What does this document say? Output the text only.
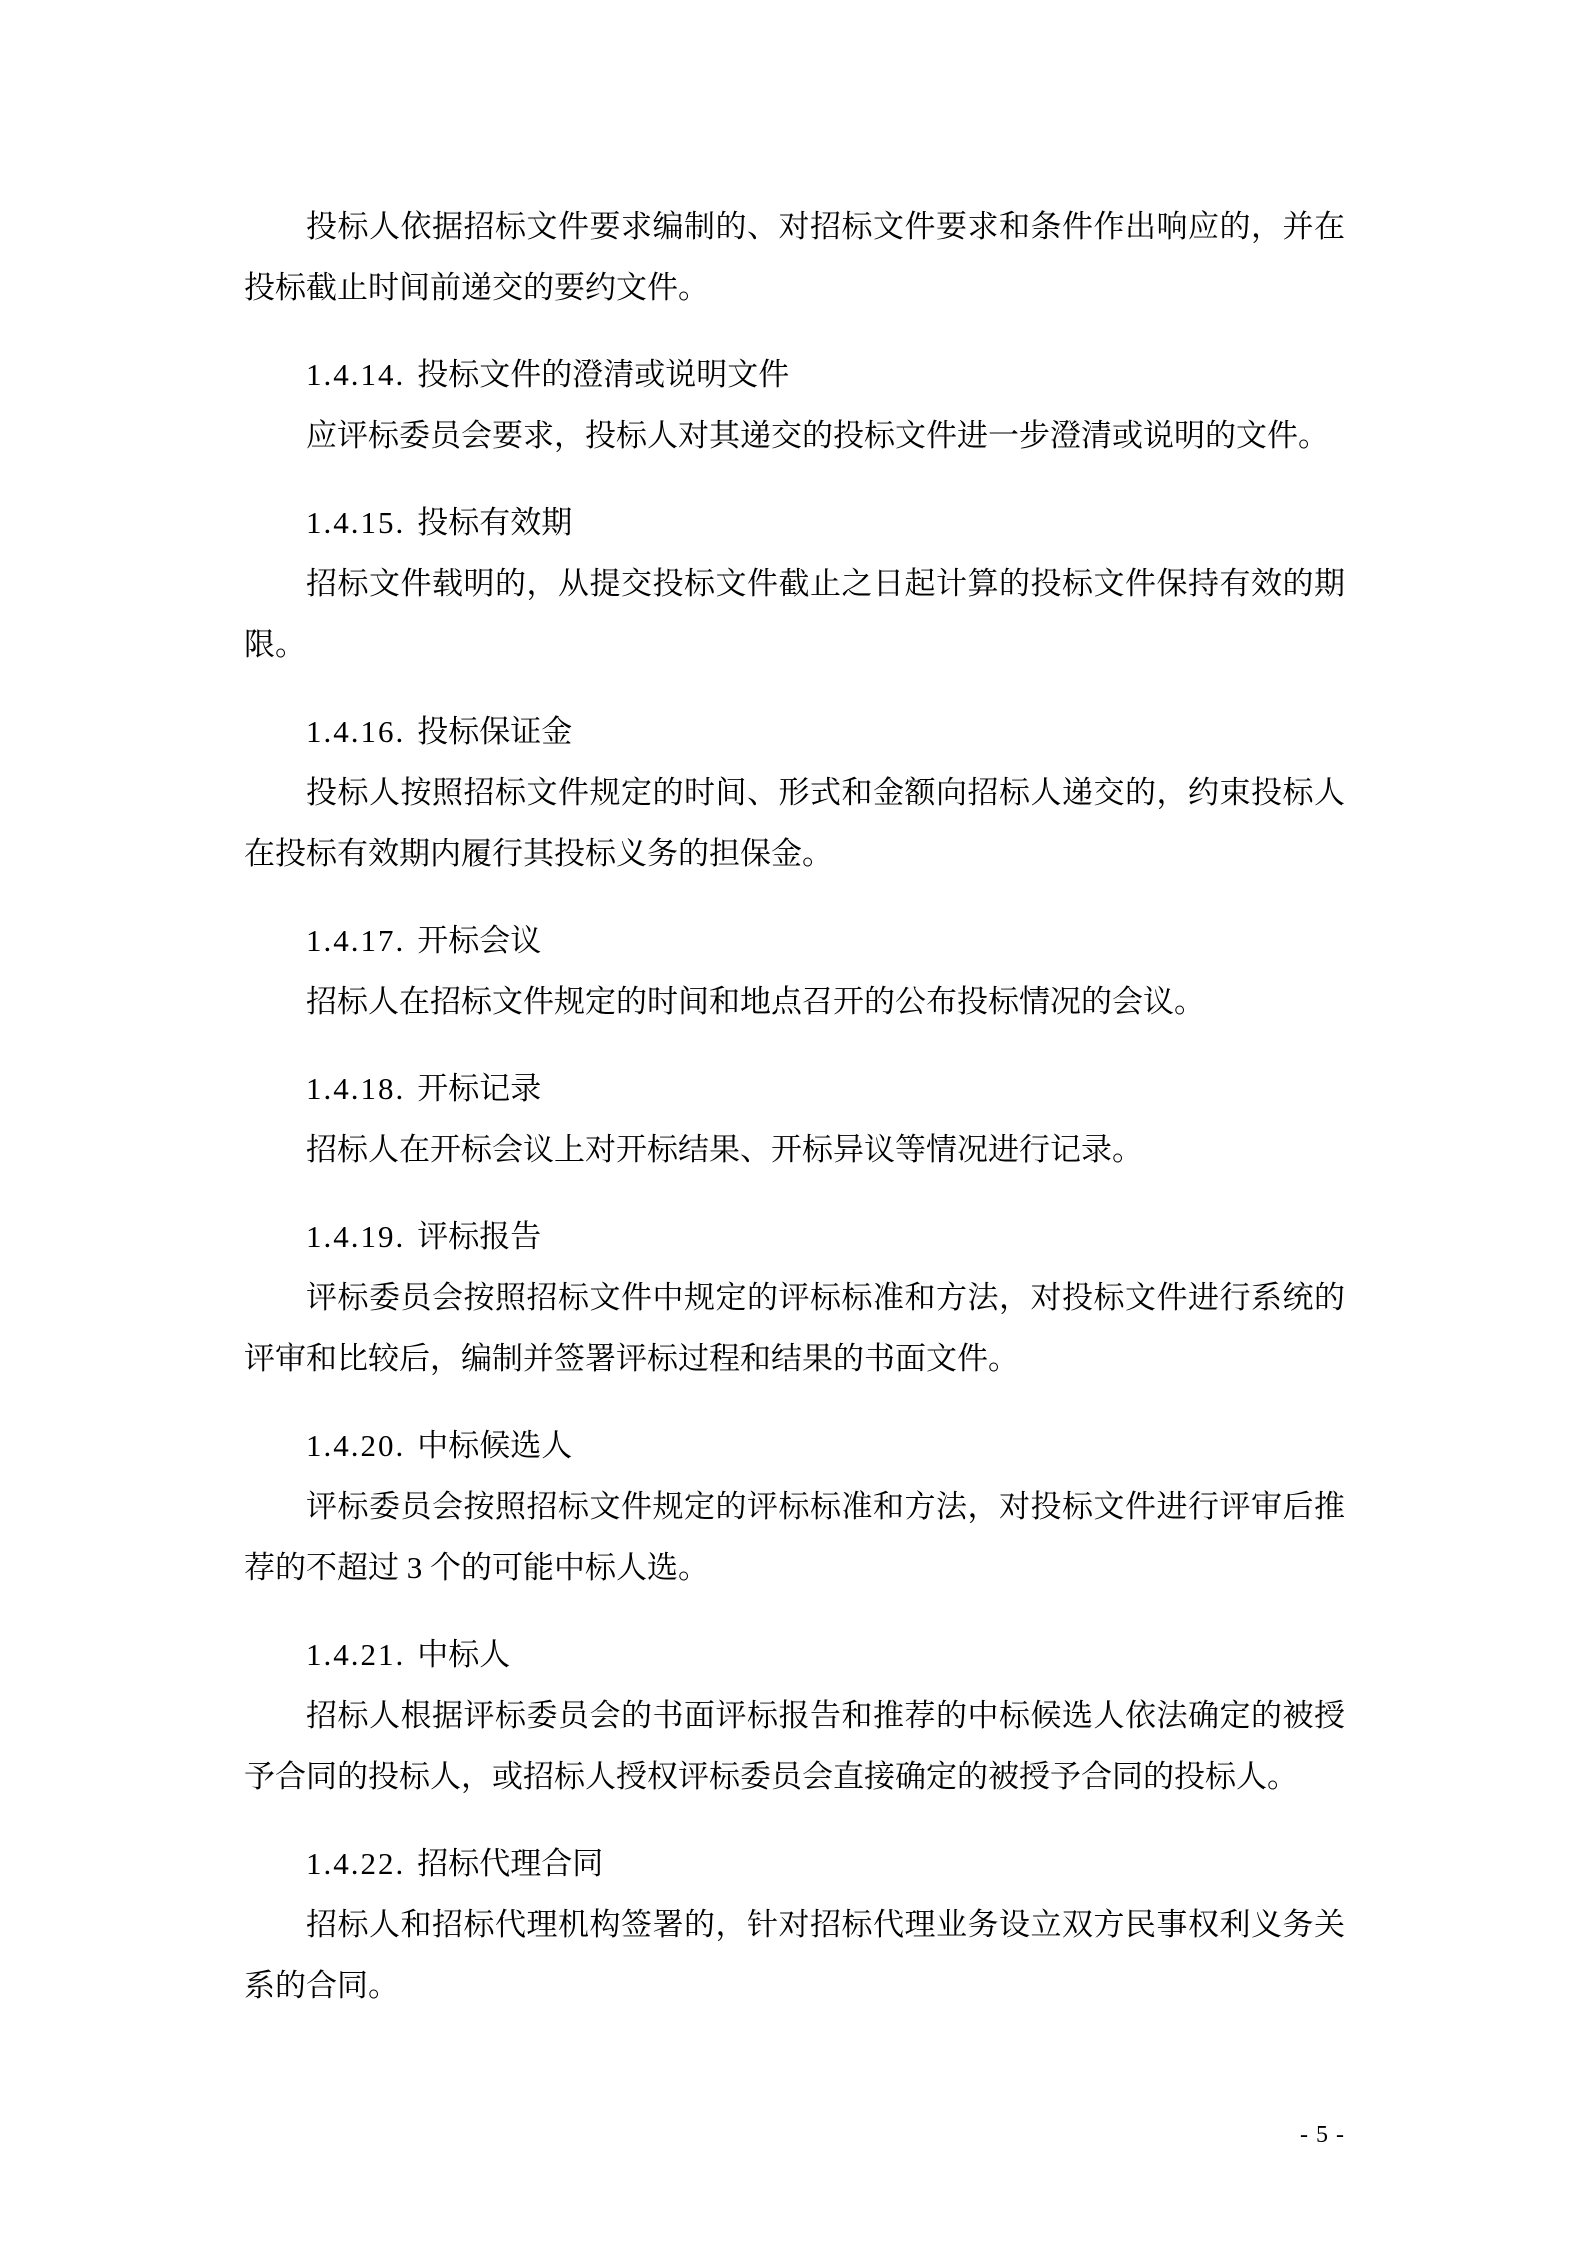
投标人依据招标文件要求编制的、对招标文件要求和条件作出响应的，并在投标截止时间前递交的要约文件。

1.4.14. 投标文件的澄清或说明文件

应评标委员会要求，投标人对其递交的投标文件进一步澄清或说明的文件。

1.4.15. 投标有效期

招标文件载明的，从提交投标文件截止之日起计算的投标文件保持有效的期限。

1.4.16. 投标保证金

投标人按照招标文件规定的时间、形式和金额向招标人递交的，约束投标人在投标有效期内履行其投标义务的担保金。

1.4.17. 开标会议

招标人在招标文件规定的时间和地点召开的公布投标情况的会议。

1.4.18. 开标记录

招标人在开标会议上对开标结果、开标异议等情况进行记录。

1.4.19. 评标报告

评标委员会按照招标文件中规定的评标标准和方法，对投标文件进行系统的评审和比较后，编制并签署评标过程和结果的书面文件。

1.4.20. 中标候选人

评标委员会按照招标文件规定的评标标准和方法，对投标文件进行评审后推荐的不超过 3 个的可能中标人选。

1.4.21. 中标人

招标人根据评标委员会的书面评标报告和推荐的中标候选人依法确定的被授予合同的投标人，或招标人授权评标委员会直接确定的被授予合同的投标人。

1.4.22. 招标代理合同

招标人和招标代理机构签署的，针对招标代理业务设立双方民事权利义务关系的合同。

- 5 -
